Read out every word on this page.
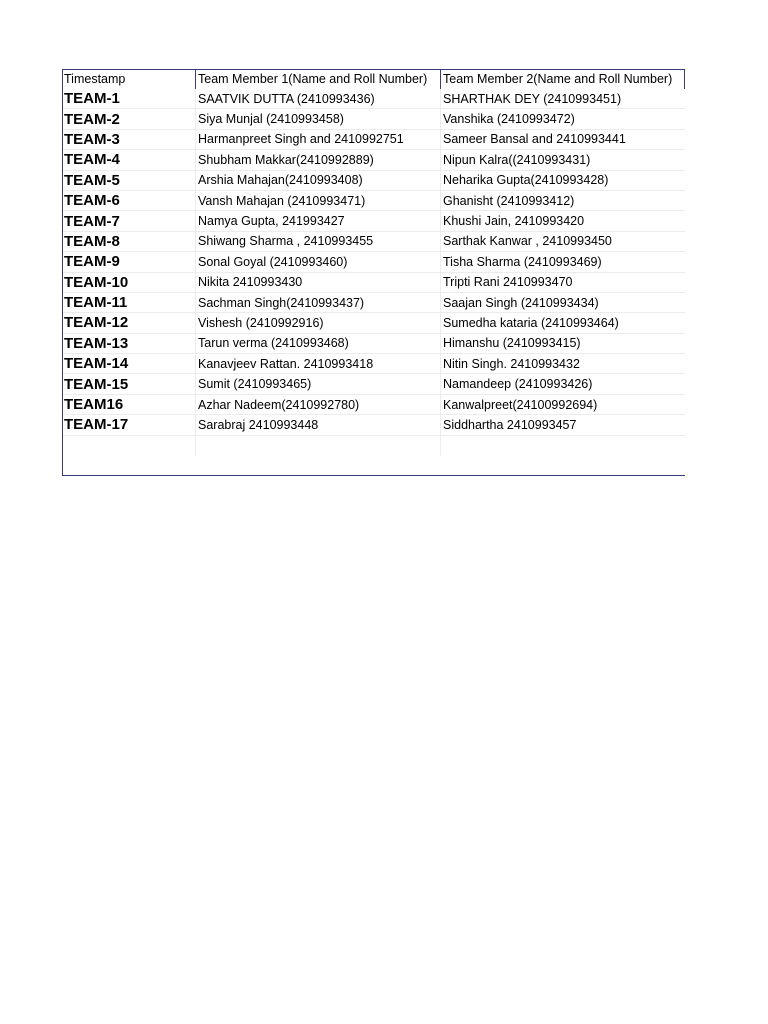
Timestamp	Team Member 1(Name and Roll Number)	Team Member 2(Name and Roll Number)
TEAM-1	SAATVIK DUTTA (2410993436)	SHARTHAK DEY (2410993451)
TEAM-2	Siya Munjal (2410993458)	Vanshika (2410993472)
TEAM-3	Harmanpreet Singh and 2410992751	Sameer Bansal and 2410993441
TEAM-4	Shubham Makkar(2410992889)	Nipun Kalra((2410993431)
TEAM-5	Arshia Mahajan(2410993408)	Neharika Gupta(2410993428)
TEAM-6	Vansh Mahajan (2410993471)	Ghanisht (2410993412)
TEAM-7	Namya Gupta, 241993427	Khushi Jain, 2410993420
TEAM-8	Shiwang Sharma , 2410993455	Sarthak Kanwar , 2410993450
TEAM-9	Sonal Goyal (2410993460)	Tisha Sharma (2410993469)
TEAM-10	Nikita 2410993430	Tripti Rani 2410993470
TEAM-11	Sachman Singh(2410993437)	Saajan Singh (2410993434)
TEAM-12	Vishesh (2410992916)	Sumedha kataria (2410993464)
TEAM-13	Tarun verma (2410993468)	Himanshu (2410993415)
TEAM-14	Kanavjeev Rattan. 2410993418	Nitin Singh. 2410993432
TEAM-15	Sumit (2410993465)	Namandeep (2410993426)
TEAM16	Azhar Nadeem(2410992780)	Kanwalpreet(24100992694)
TEAM-17	Sarabraj 2410993448	Siddhartha 2410993457
